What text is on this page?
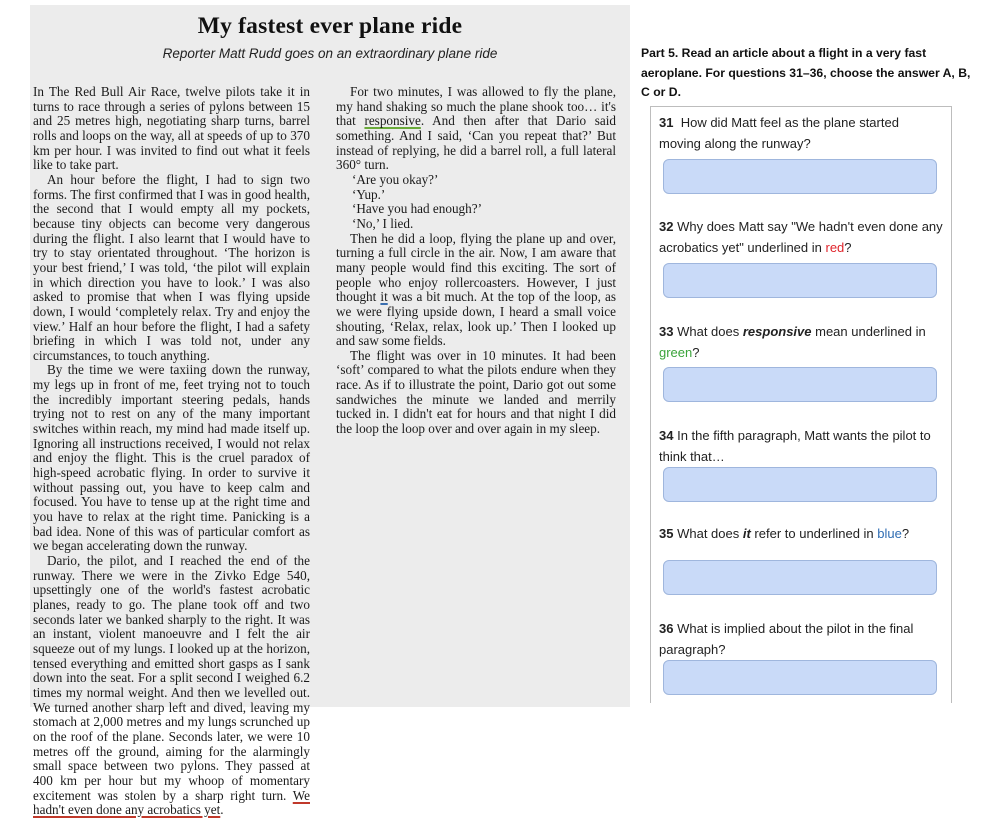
My fastest ever plane ride
Reporter Matt Rudd goes on an extraordinary plane ride

In The Red Bull Air Race, twelve pilots take it in turns to race through a series of pylons between 15 and 25 metres high, negotiating sharp turns, barrel rolls and loops on the way, all at speeds of up to 370 km per hour. I was invited to find out what it feels like to take part.

An hour before the flight, I had to sign two forms. The first confirmed that I was in good health, the second that I would empty all my pockets, because tiny objects can become very dangerous during the flight. I also learnt that I would have to try to stay orientated throughout. ‘The horizon is your best friend,’ I was told, ‘the pilot will explain in which direction you have to look.’ I was also asked to promise that when I was flying upside down, I would ‘completely relax. Try and enjoy the view.’ Half an hour before the flight, I had a safety briefing in which I was told not, under any circumstances, to touch anything.

By the time we were taxiing down the runway, my legs up in front of me, feet trying not to touch the incredibly important steering pedals, hands trying not to rest on any of the many important switches within reach, my mind had made itself up. Ignoring all instructions received, I would not relax and enjoy the flight. This is the cruel paradox of high-speed acrobatic flying. In order to survive it without passing out, you have to keep calm and focused. You have to tense up at the right time and you have to relax at the right time. Panicking is a bad idea. None of this was of particular comfort as we began accelerating down the runway.

Dario, the pilot, and I reached the end of the runway. There we were in the Zivko Edge 540, upsettingly one of the world's fastest acrobatic planes, ready to go. The plane took off and two seconds later we banked sharply to the right. It was an instant, violent manoeuvre and I felt the air squeeze out of my lungs. I looked up at the horizon, tensed everything and emitted short gasps as I sank down into the seat. For a split second I weighed 6.2 times my normal weight. And then we levelled out. We turned another sharp left and dived, leaving my stomach at 2,000 metres and my lungs scrunched up on the roof of the plane. Seconds later, we were 10 metres off the ground, aiming for the alarmingly small space between two pylons. They passed at 400 km per hour but my whoop of momentary excitement was stolen by a sharp right turn. We hadn't even done any acrobatics yet.

For two minutes, I was allowed to fly the plane, my hand shaking so much the plane shook too… it's that responsive. And then after that Dario said something. And I said, ‘Can you repeat that?’ But instead of replying, he did a barrel roll, a full lateral 360° turn.

‘Are you okay?’

‘Yup.’

‘Have you had enough?’

‘No,’ I lied.

Then he did a loop, flying the plane up and over, turning a full circle in the air. Now, I am aware that many people would find this exciting. The sort of people who enjoy rollercoasters. However, I just thought it was a bit much. At the top of the loop, as we were flying upside down, I heard a small voice shouting, ‘Relax, relax, look up.’ Then I looked up and saw some fields.

The flight was over in 10 minutes. It had been ‘soft’ compared to what the pilots endure when they race. As if to illustrate the point, Dario got out some sandwiches the minute we landed and merrily tucked in. I didn't eat for hours and that night I did the loop the loop over and over again in my sleep.

Part 5. Read an article about a flight in a very fast aeroplane. For questions 31–36, choose the answer A, B, C or D.
31 How did Matt feel as the plane started moving along the runway?
32 Why does Matt say "We hadn't even done any acrobatics yet" underlined in red?
33 What does responsive mean underlined in green?
34 In the fifth paragraph, Matt wants the pilot to think that…
35 What does it refer to underlined in blue?
36 What is implied about the pilot in the final paragraph?
